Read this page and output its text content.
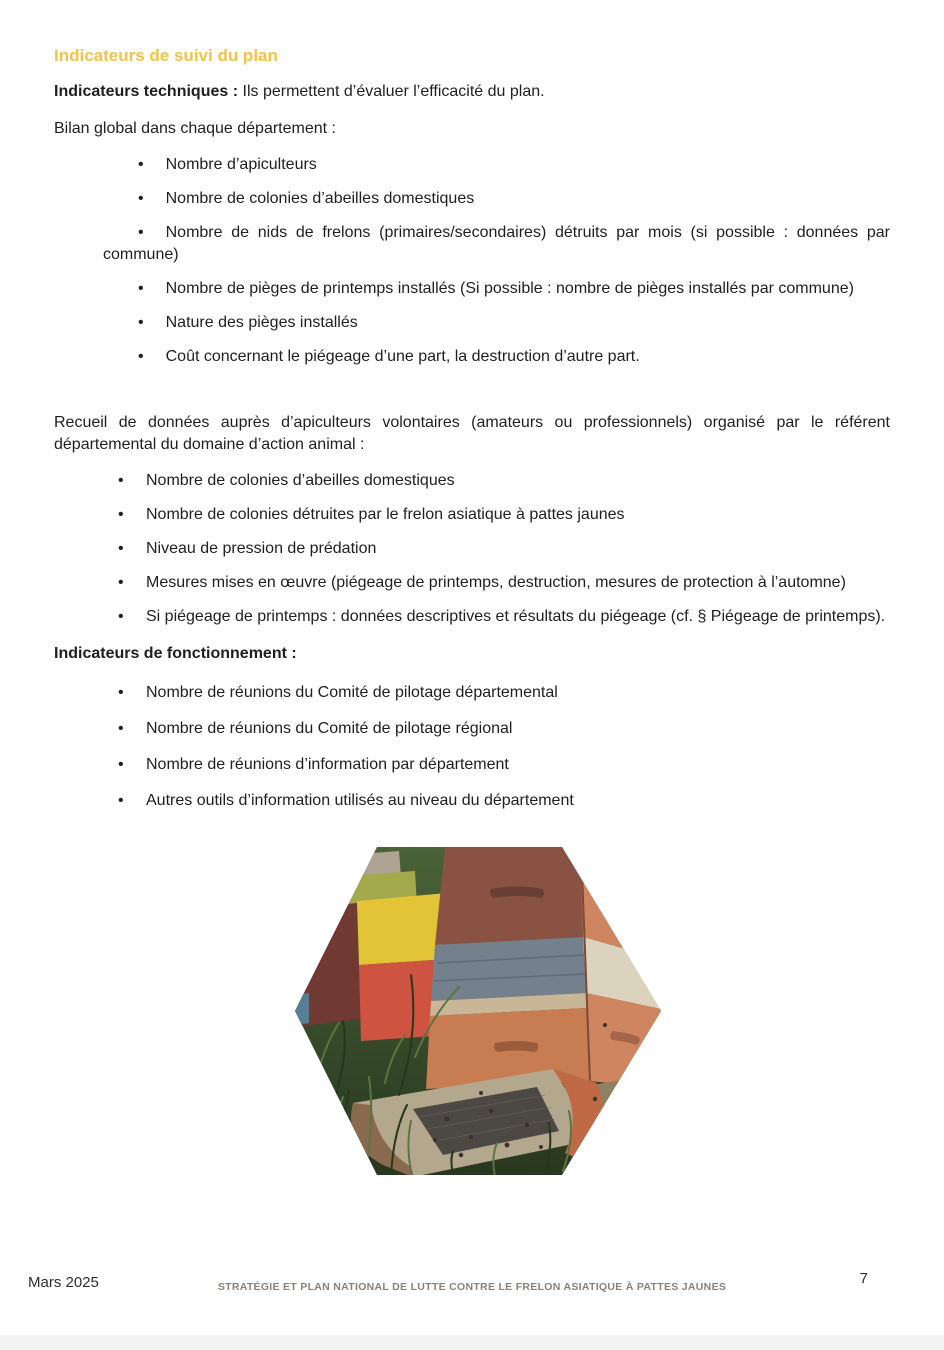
Indicateurs de suivi du plan

Indicateurs techniques : Ils permettent d’évaluer l’efficacité du plan.

Bilan global dans chaque département :

• Nombre d’apiculteurs
• Nombre de colonies d’abeilles domestiques
• Nombre de nids de frelons (primaires/secondaires) détruits par mois (si possible : données par commune)
• Nombre de pièges de printemps installés (Si possible : nombre de pièges installés par commune)
• Nature des pièges installés
• Coût concernant le piégeage d’une part, la destruction d’autre part.

Recueil de données auprès d’apiculteurs volontaires (amateurs ou professionnels) organisé par le référent départemental du domaine d’action animal :

• Nombre de colonies d’abeilles domestiques
• Nombre de colonies détruites par le frelon asiatique à pattes jaunes
• Niveau de pression de prédation
• Mesures mises en œuvre (piégeage de printemps, destruction, mesures de protection à l’automne)
• Si piégeage de printemps : données descriptives et résultats du piégeage (cf. § Piégeage de printemps).
Indicateurs de fonctionnement :
• Nombre de réunions du Comité de pilotage départemental
• Nombre de réunions du Comité de pilotage régional
• Nombre de réunions d’information par département
• Autres outils d’information utilisés au niveau du département
Mars 2025	STRATÉGIE ET PLAN NATIONAL DE LUTTE CONTRE LE FRELON ASIATIQUE À PATTES JAUNES	7
